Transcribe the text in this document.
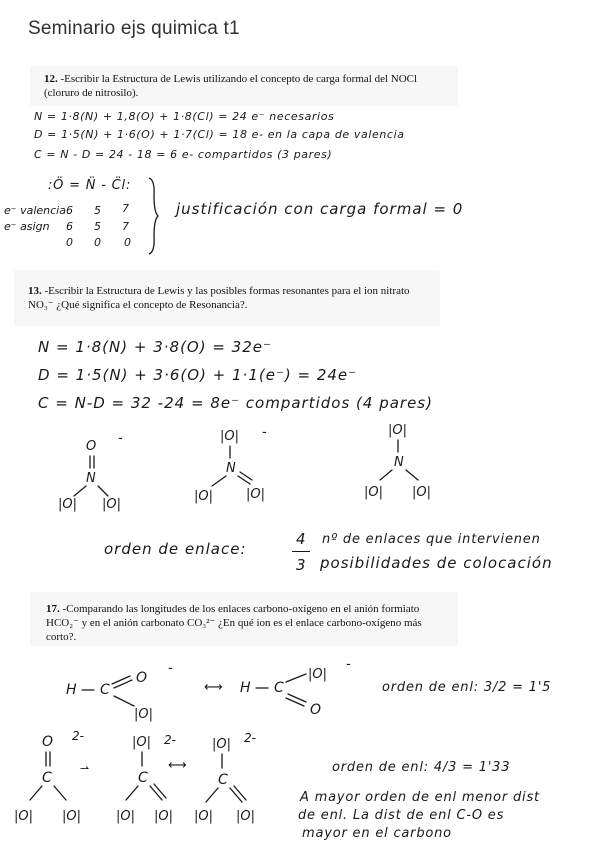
Seminario ejs quimica t1
12. -Escribir la Estructura de Lewis utilizando el concepto de carga formal del NOCl (cloruro de nitrosilo).
N = 1·8(N) + 1,8(O) + 1·8(Cl) = 24 e⁻ necesarios
D = 1·5(N) + 1·6(O) + 1·7(Cl) = 18 e- en la capa de valencia
C = N - D = 24 - 18 = 6 e- compartidos (3 pares)
:Ö = N̈ - C̈l:
e⁻ valencia
e⁻ asign
6 5 7
6 5 7
0 0 0
justificación con carga formal = 0
13. -Escribir la Estructura de Lewis y las posibles formas resonantes para el ion nitrato NO₃⁻ ¿Qué significa el concepto de Resonancia?.
N = 1·8(N) + 3·8(O) = 32e⁻
D = 1·5(N) + 3·6(O) + 1·1(e⁻) = 24e⁻
C = N-D = 32 -24 = 8e⁻ compartidos (4 pares)
O
-
N
|O| |O|
|O| -
N
|O|	|O|
|O|
N
|O| |O|
orden de enlace:
4
3
nº de enlaces que intervienen
posibilidades de colocación
17. -Comparando las longitudes de los enlaces carbono-oxígeno en el anión formiato HCO₂⁻ y en el anión carbonato CO₃²⁻ ¿En qué ion es el enlace carbono-oxígeno más corto?.
H C
O
-
|O|
⟷ H C
|O|
-
O
orden de enl: 3/2 = 1'5
O 2-
C
|O| |O|
⇀
|O| 2-
C
|O| |O|
⟷
|O| 2-
C
|O| |O|
orden de enl: 4/3 = 1'33
A mayor orden de enl menor dist
de enl. La dist de enl C-O es
mayor en el carbono
